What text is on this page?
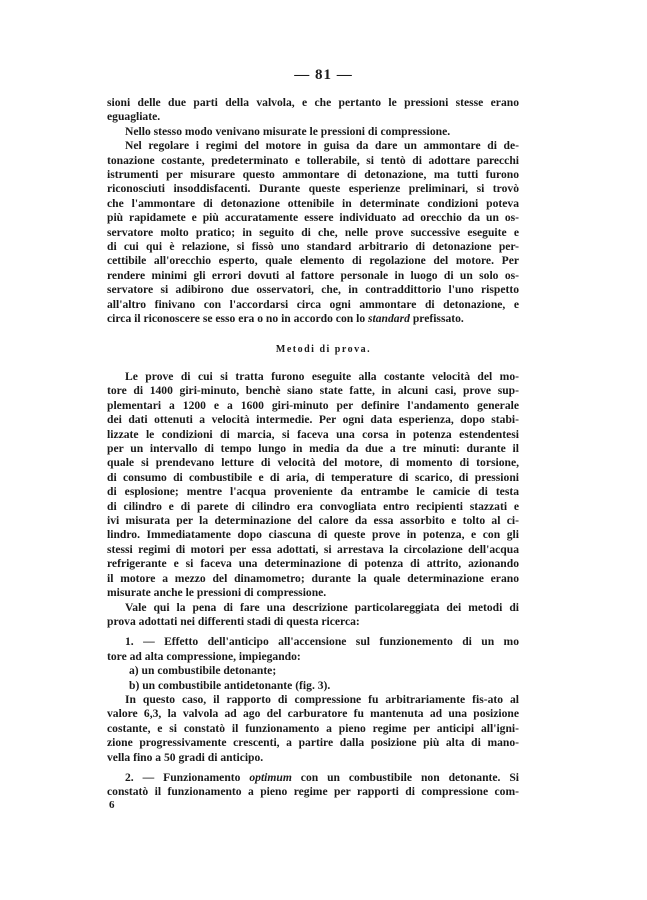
— 81 —

sioni delle due parti della valvola, e che pertanto le pressioni stesse erano

eguagliate.

Nello stesso modo venivano misurate le pressioni di compressione.

Nel regolare i regimi del motore in guisa da dare un ammontare di de-

tonazione costante, predeterminato e tollerabile, si tentò di adottare parecchi

istrumenti per misurare questo ammontare di detonazione, ma tutti furono

riconosciuti insoddisfacenti. Durante queste esperienze preliminari, si trovò

che l'ammontare di detonazione ottenibile in determinate condizioni poteva

più rapidamete e più accuratamente essere individuato ad orecchio da un os-

servatore molto pratico; in seguito di che, nelle prove successive eseguite e

di cui qui è relazione, si fissò uno standard arbitrario di detonazione per-

cettibile all'orecchio esperto, quale elemento di regolazione del motore. Per

rendere minimi gli errori dovuti al fattore personale in luogo di un solo os-

servatore si adibirono due osservatori, che, in contraddittorio l'uno rispetto

all'altro finivano con l'accordarsi circa ogni ammontare di detonazione, e

circa il riconoscere se esso era o no in accordo con lo standard prefissato.

Metodi di prova.

Le prove di cui si tratta furono eseguite alla costante velocità del mo-

tore di 1400 giri-minuto, benchè siano state fatte, in alcuni casi, prove sup-

plementari a 1200 e a 1600 giri-minuto per definire l'andamento generale

dei dati ottenuti a velocità intermedie. Per ogni data esperienza, dopo stabi-

lizzate le condizioni di marcia, si faceva una corsa in potenza estendentesi

per un intervallo di tempo lungo in media da due a tre minuti: durante il

quale si prendevano letture di velocità del motore, di momento di torsione,

di consumo di combustibile e di aria, di temperature di scarico, di pressioni

di esplosione; mentre l'acqua proveniente da entrambe le camicie di testa

di cilindro e di parete di cilindro era convogliata entro recipienti stazzati e

ivi misurata per la determinazione del calore da essa assorbito e tolto al ci-

lindro. Immediatamente dopo ciascuna di queste prove in potenza, e con gli

stessi regimi di motori per essa adottati, si arrestava la circolazione dell'acqua

refrigerante e si faceva una determinazione di potenza di attrito, azionando

il motore a mezzo del dinamometro; durante la quale determinazione erano

misurate anche le pressioni di compressione.

Vale qui la pena di fare una descrizione particolareggiata dei metodi di

prova adottati nei differenti stadi di questa ricerca:

1. — Effetto dell'anticipo all'accensione sul funzionemento di un mo

tore ad alta compressione, impiegando:

a) un combustibile detonante;

b) un combustibile antidetonante (fig. 3).

In questo caso, il rapporto di compressione fu arbitrariamente fis-ato al

valore 6,3, la valvola ad ago del carburatore fu mantenuta ad una posizione

costante, e si constatò il funzionamento a pieno regime per anticipi all'igni-

zione progressivamente crescenti, a partire dalla posizione più alta di mano-

vella fino a 50 gradi di anticipo.

2. — Funzionamento optimum con un combustibile non detonante. Si

constatò il funzionamento a pieno regime per rapporti di compressione com-

6
